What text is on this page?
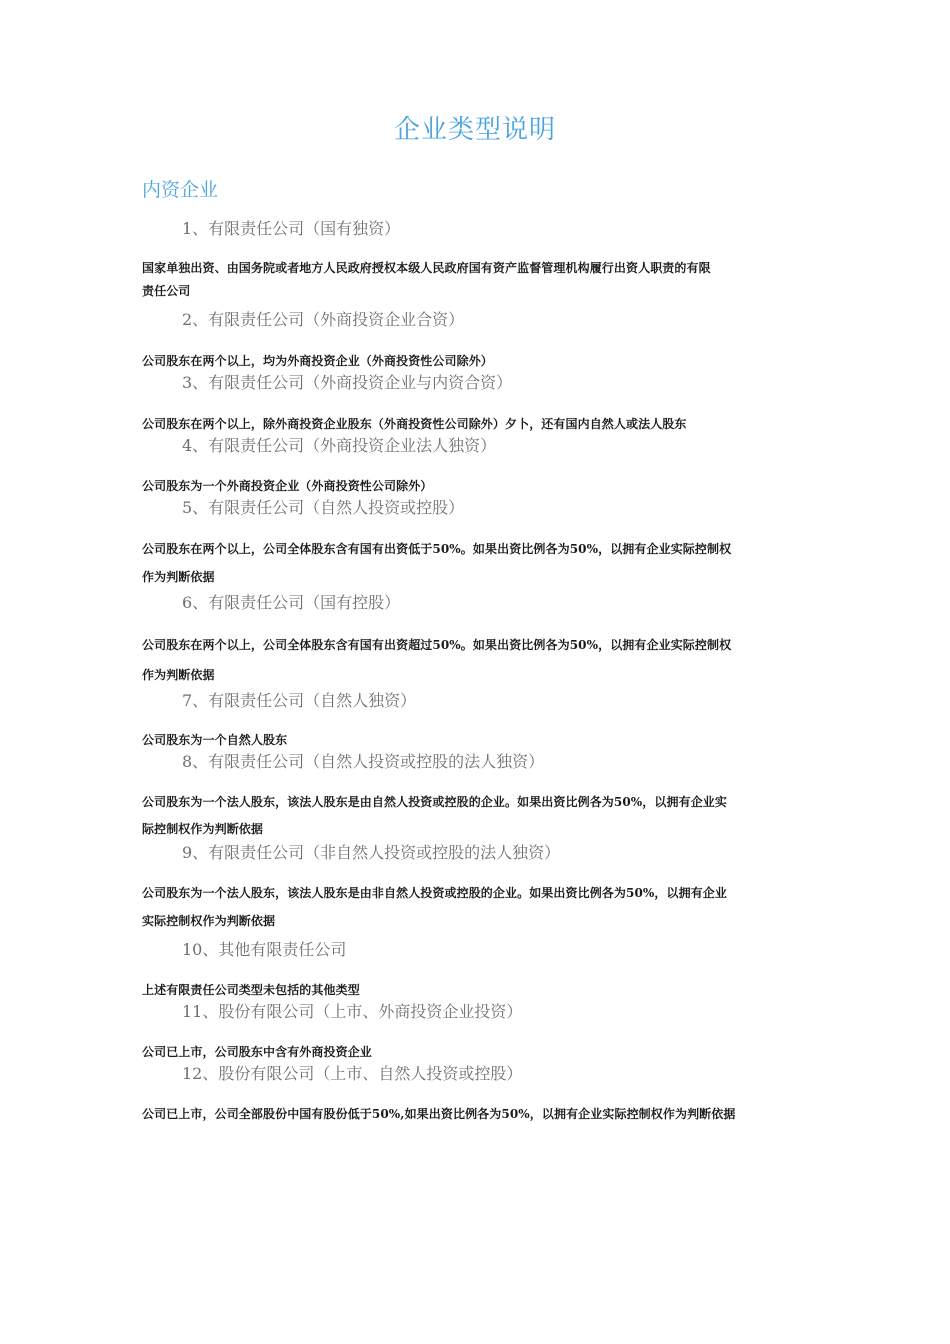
企业类型说明
内资企业

1、有限责任公司（国有独资）

国家单独出资、由国务院或者地方人民政府授权本级人民政府国有资产监督管理机构履行出资人职责的有限

责任公司

2、有限责任公司（外商投资企业合资）

公司股东在两个以上，均为外商投资企业（外商投资性公司除外）

3、有限责任公司（外商投资企业与内资合资）

公司股东在两个以上，除外商投资企业股东（外商投资性公司除外）夕卜，还有国内自然人或法人股东

4、有限责任公司（外商投资企业法人独资）

公司股东为一个外商投资企业（外商投资性公司除外）

5、有限责任公司（自然人投资或控股）

公司股东在两个以上，公司全体股东含有国有出资低于50%。如果出资比例各为50%，以拥有企业实际控制权

作为判断依据

6、有限责任公司（国有控股）

公司股东在两个以上，公司全体股东含有国有出资超过50%。如果出资比例各为50%，以拥有企业实际控制权

作为判断依据

7、有限责任公司（自然人独资）

公司股东为一个自然人股东

8、有限责任公司（自然人投资或控股的法人独资）

公司股东为一个法人股东，该法人股东是由自然人投资或控股的企业。如果出资比例各为50%，以拥有企业实

际控制权作为判断依据

9、有限责任公司（非自然人投资或控股的法人独资）

公司股东为一个法人股东，该法人股东是由非自然人投资或控股的企业。如果出资比例各为50%，以拥有企业

实际控制权作为判断依据

10、其他有限责任公司

上述有限责任公司类型未包括的其他类型

11、股份有限公司（上市、外商投资企业投资）

公司已上市，公司股东中含有外商投资企业

12、股份有限公司（上市、自然人投资或控股）

公司已上市，公司全部股份中国有股份低于50%,如果出资比例各为50%，以拥有企业实际控制权作为判断依据
